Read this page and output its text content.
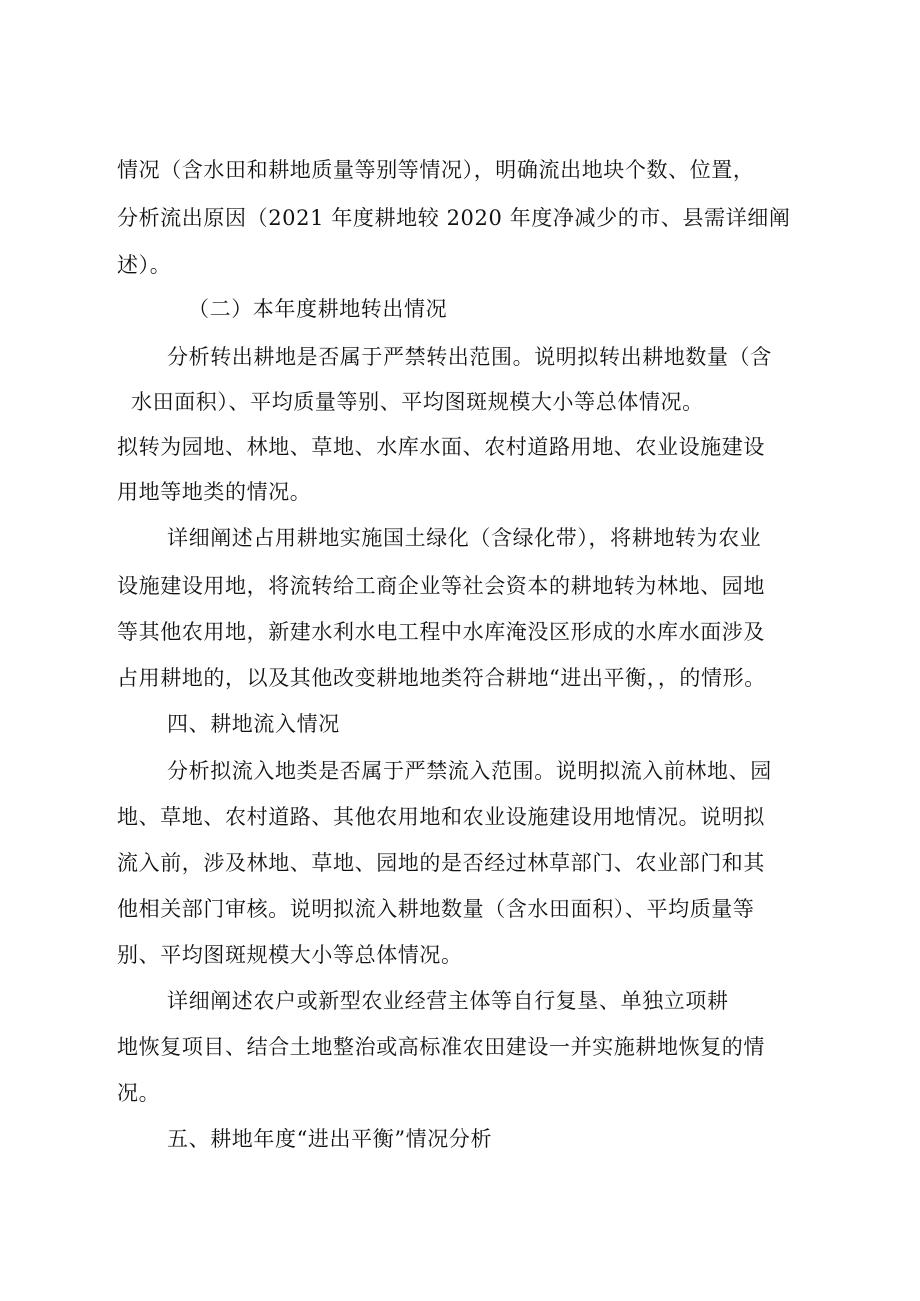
情况（含水田和耕地质量等别等情况），明确流出地块个数、位置，
分析流出原因（2021 年度耕地较 2020 年度净减少的市、县需详细阐
述）。
（二）本年度耕地转出情况
分析转出耕地是否属于严禁转出范围。说明拟转出耕地数量（含
水田面积）、平均质量等别、平均图斑规模大小等总体情况。
拟转为园地、林地、草地、水库水面、农村道路用地、农业设施建设
用地等地类的情况。
详细阐述占用耕地实施国土绿化（含绿化带），将耕地转为农业
设施建设用地，将流转给工商企业等社会资本的耕地转为林地、园地
等其他农用地，新建水利水电工程中水库淹没区形成的水库水面涉及
占用耕地的，以及其他改变耕地地类符合耕地“进出平衡，，的情形。
四、耕地流入情况
分析拟流入地类是否属于严禁流入范围。说明拟流入前林地、园
地、草地、农村道路、其他农用地和农业设施建设用地情况。说明拟
流入前，涉及林地、草地、园地的是否经过林草部门、农业部门和其
他相关部门审核。说明拟流入耕地数量（含水田面积）、平均质量等
别、平均图斑规模大小等总体情况。
详细阐述农户或新型农业经营主体等自行复垦、单独立项耕
地恢复项目、结合土地整治或高标准农田建设一并实施耕地恢复的情
况。
五、耕地年度“进出平衡”情况分析
